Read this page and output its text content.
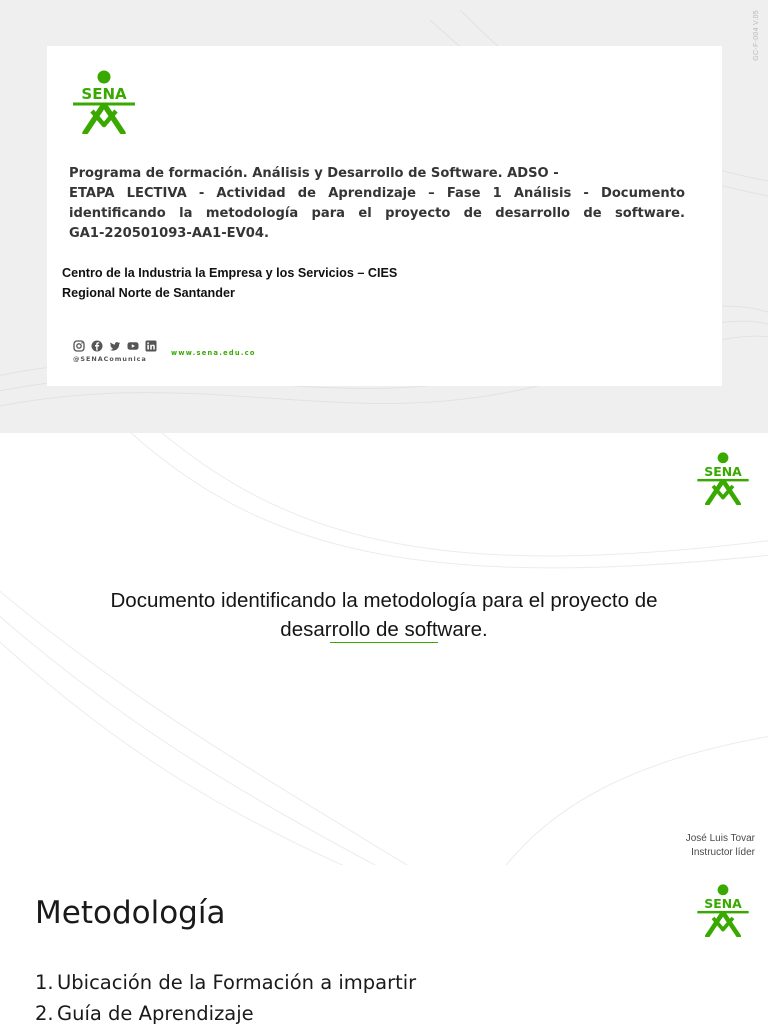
GC-F-004 V.05
Programa de formación. Análisis y Desarrollo de Software. ADSO -
ETAPA LECTIVA - Actividad de Aprendizaje – Fase 1 Análisis - Documento
identificando la metodología para el proyecto de desarrollo de software.
GA1-220501093-AA1-EV04.
Centro de la Industria la Empresa y los Servicios – CIES
Regional Norte de Santander
@SENAComunica
www.sena.edu.co
Documento identificando la metodología para el proyecto de
desarrollo de software.
José Luis Tovar
Instructor líder
Metodología
1. Ubicación de la Formación a impartir
2. Guía de Aprendizaje
